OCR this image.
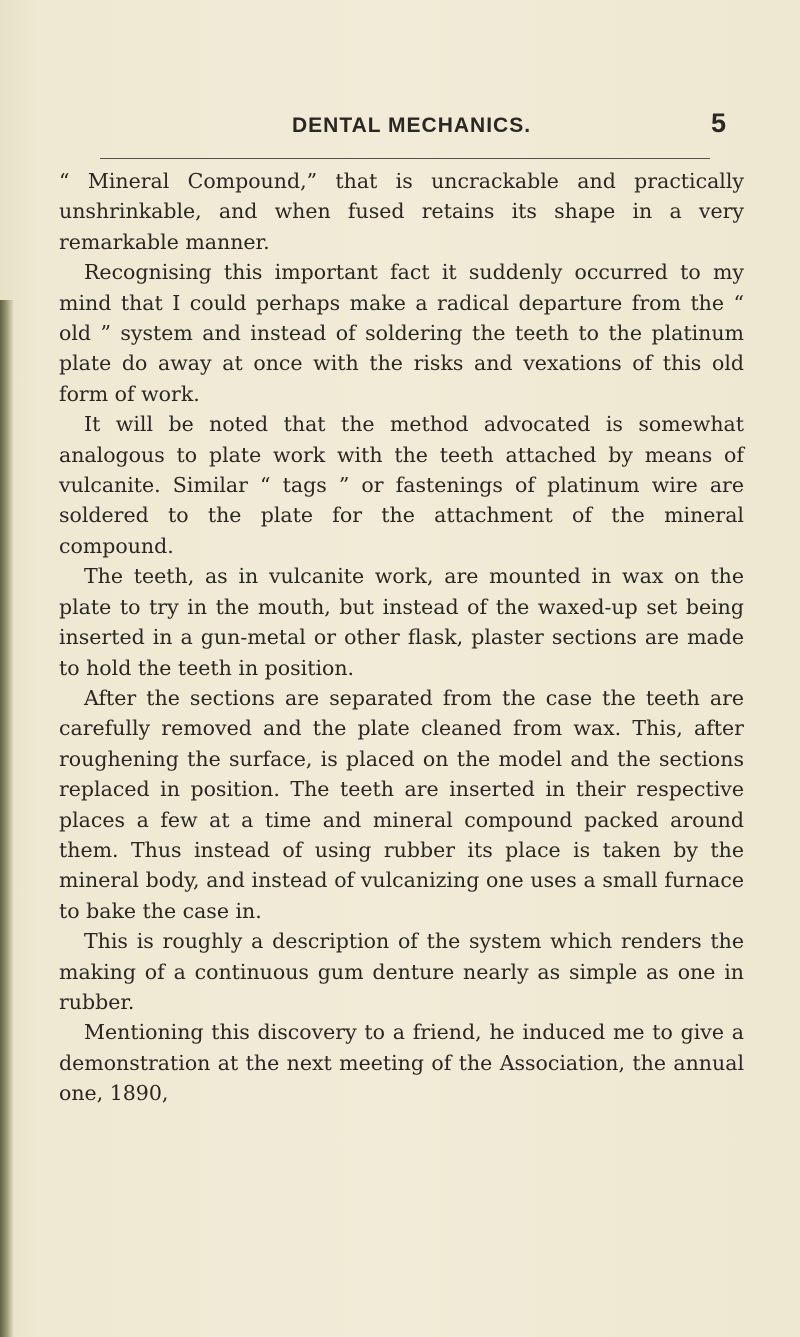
DENTAL MECHANICS.	5

“ Mineral Compound,” that is uncrackable and practically unshrinkable, and when fused retains its shape in a very remarkable manner.

Recognising this important fact it suddenly occurred to my mind that I could perhaps make a radical departure from the “ old ” system and instead of soldering the teeth to the platinum plate do away at once with the risks and vexations of this old form of work.

It will be noted that the method advocated is somewhat analogous to plate work with the teeth attached by means of vulcanite. Similar “ tags ” or fastenings of platinum wire are soldered to the plate for the attachment of the mineral compound.

The teeth, as in vulcanite work, are mounted in wax on the plate to try in the mouth, but instead of the waxed-up set being inserted in a gun-metal or other flask, plaster sections are made to hold the teeth in position.

After the sections are separated from the case the teeth are carefully removed and the plate cleaned from wax. This, after roughening the surface, is placed on the model and the sections replaced in position. The teeth are inserted in their respective places a few at a time and mineral compound packed around them. Thus instead of using rubber its place is taken by the mineral body, and instead of vulcanizing one uses a small furnace to bake the case in.

This is roughly a description of the system which renders the making of a continuous gum denture nearly as simple as one in rubber.

Mentioning this discovery to a friend, he induced me to give a demonstration at the next meeting of the Association, the annual one, 1890,
